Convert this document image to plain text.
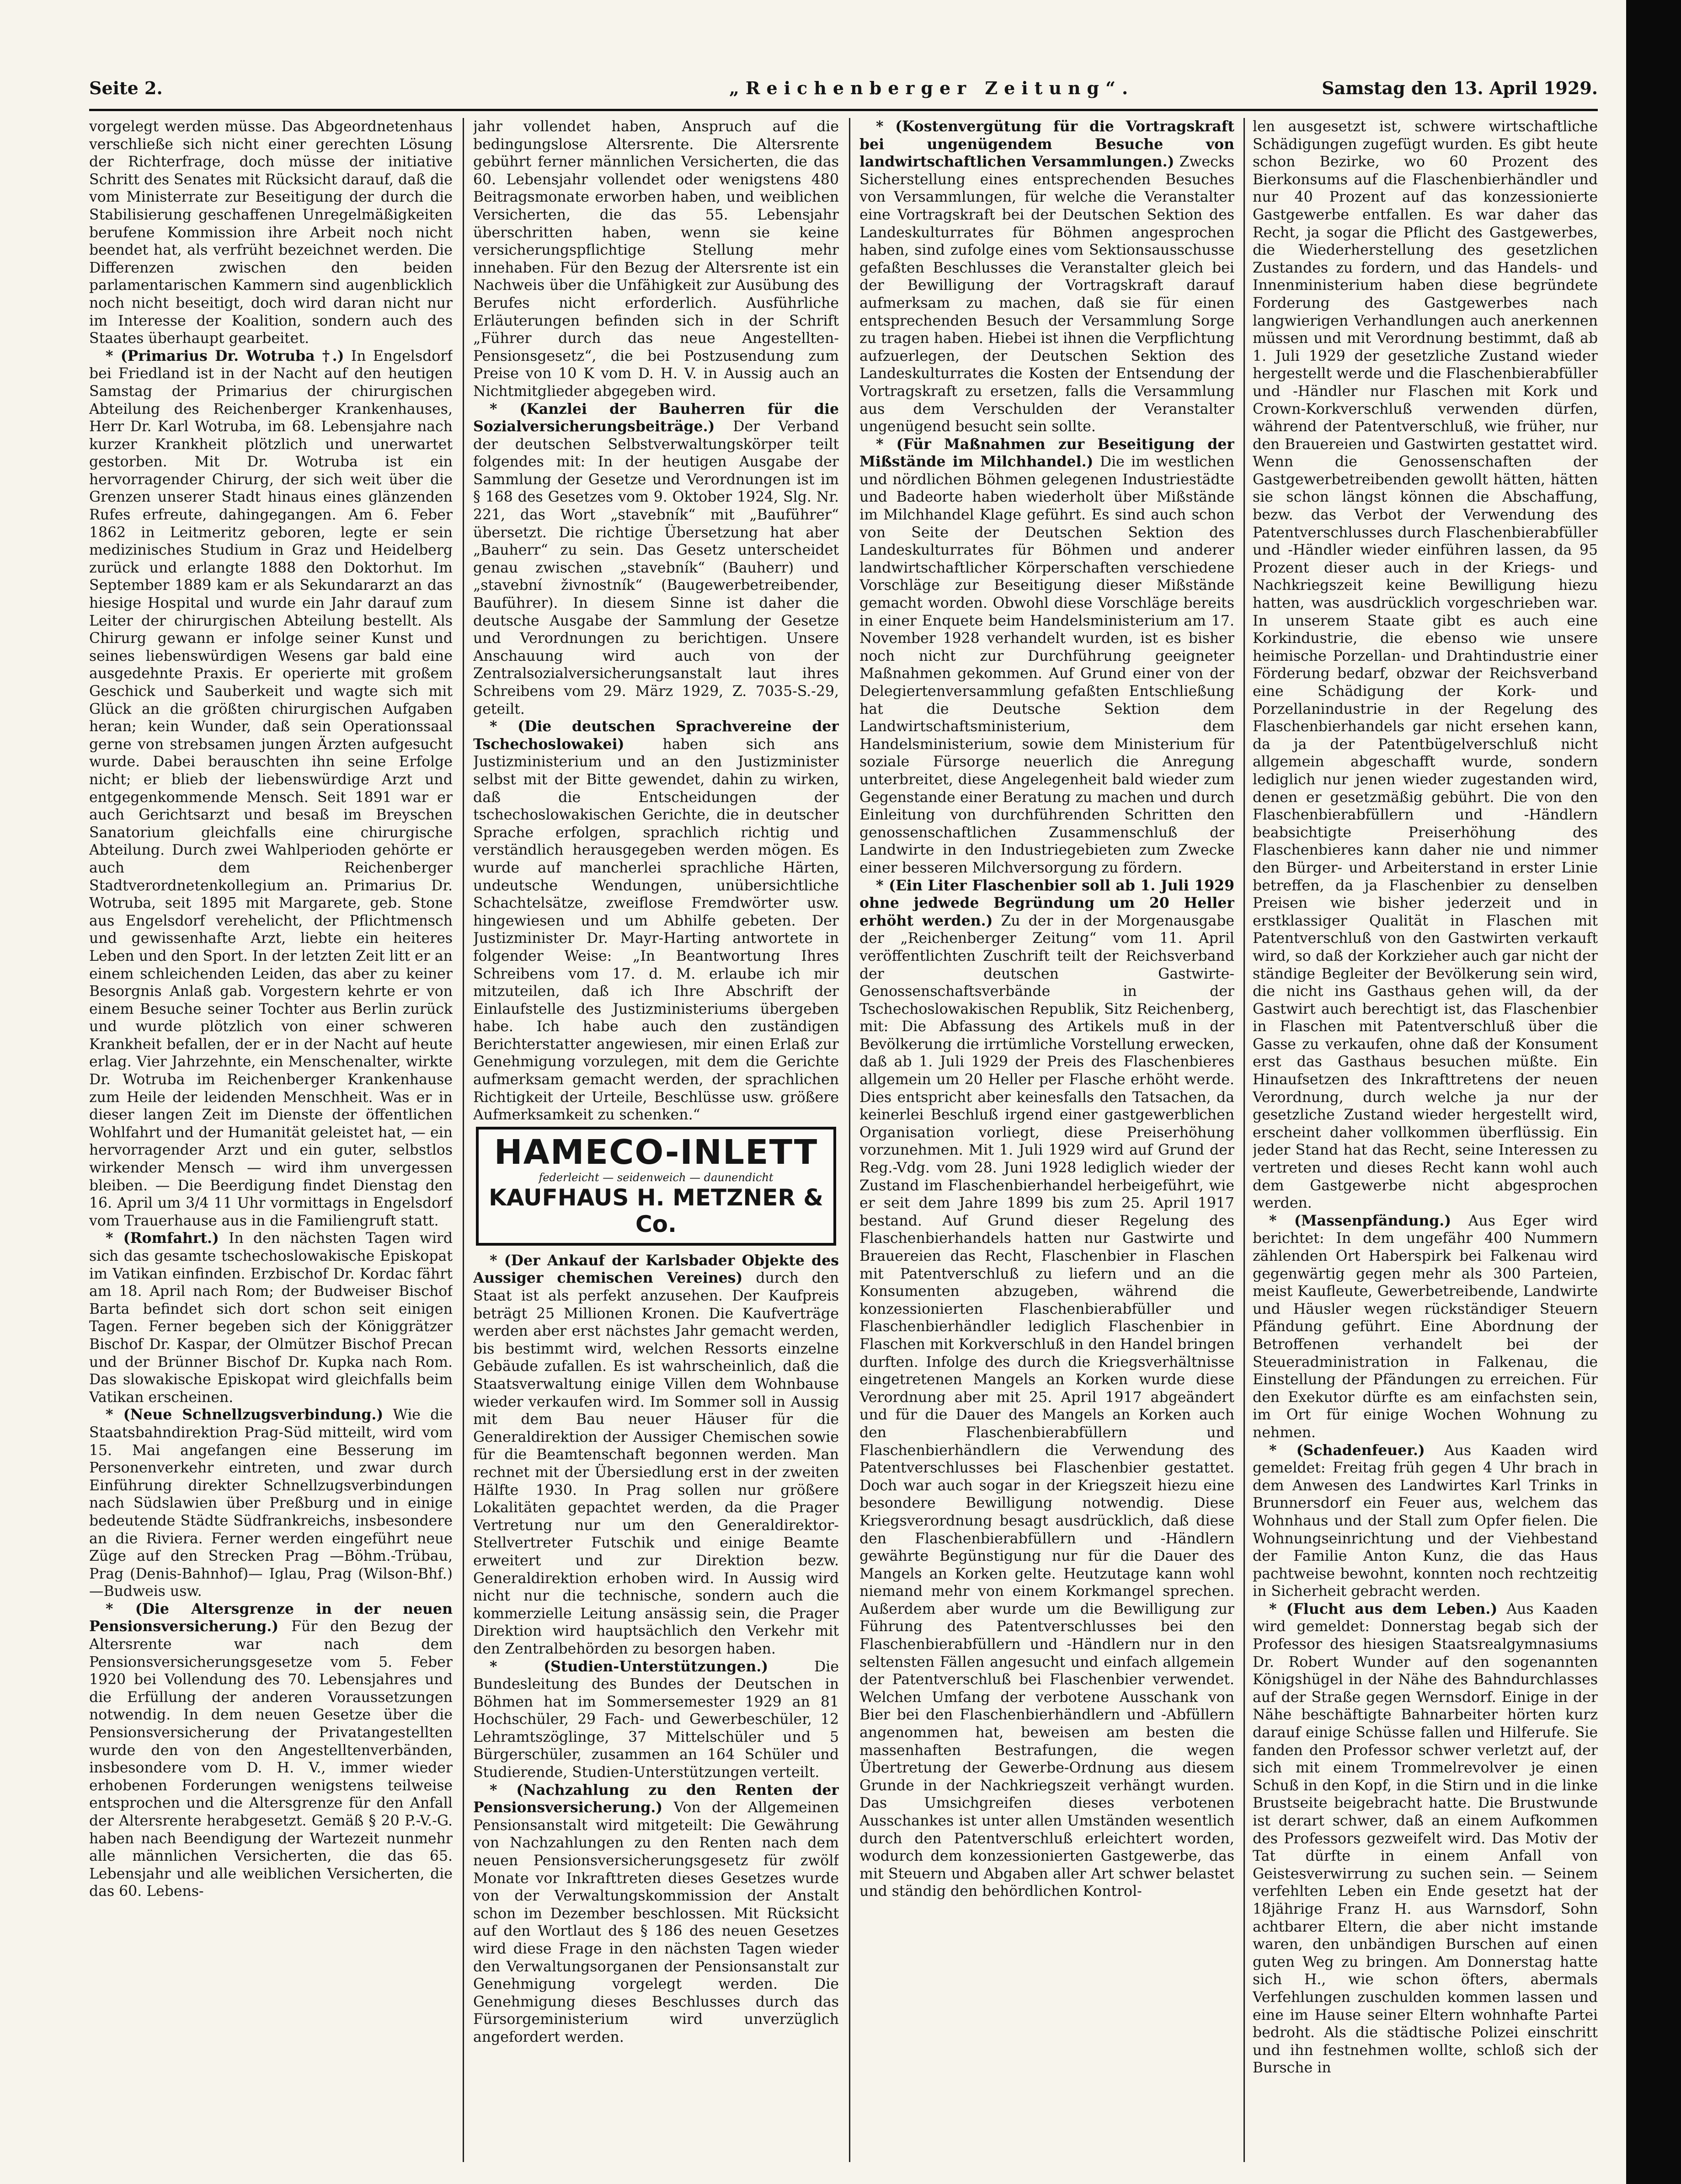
Seite 2.	„Reichenberger Zeitung“.	Samstag den 13. April 1929.

vorgelegt werden müsse. Das Abgeordnetenhaus verschließe sich nicht einer gerechten Lösung der Richterfrage, doch müsse der initiative Schritt des Senates mit Rücksicht darauf, daß die vom Ministerrate zur Beseitigung der durch die Stabilisierung geschaffenen Unregelmäßigkeiten berufene Kommission ihre Arbeit noch nicht beendet hat, als verfrüht bezeichnet werden. Die Differenzen zwischen den beiden parlamentarischen Kammern sind augenblicklich noch nicht beseitigt, doch wird daran nicht nur im Interesse der Koalition, sondern auch des Staates überhaupt gearbeitet.

* (Primarius Dr. Wotruba †.) In Engelsdorf bei Friedland ist in der Nacht auf den heutigen Samstag der Primarius der chirurgischen Abteilung des Reichenberger Krankenhauses, Herr Dr. Karl Wotruba, im 68. Lebensjahre nach kurzer Krankheit plötzlich und unerwartet gestorben. Mit Dr. Wotruba ist ein hervorragender Chirurg, der sich weit über die Grenzen unserer Stadt hinaus eines glänzenden Rufes erfreute, dahingegangen. Am 6. Feber 1862 in Leitmeritz geboren, legte er sein medizinisches Studium in Graz und Heidelberg zurück und erlangte 1888 den Doktorhut. Im September 1889 kam er als Sekundararzt an das hiesige Hospital und wurde ein Jahr darauf zum Leiter der chirurgischen Abteilung bestellt. Als Chirurg gewann er infolge seiner Kunst und seines liebenswürdigen Wesens gar bald eine ausgedehnte Praxis. Er operierte mit großem Geschick und Sauberkeit und wagte sich mit Glück an die größten chirurgischen Aufgaben heran; kein Wunder, daß sein Operationssaal gerne von strebsamen jungen Ärzten aufgesucht wurde. Dabei berauschten ihn seine Erfolge nicht; er blieb der liebenswürdige Arzt und entgegenkommende Mensch. Seit 1891 war er auch Gerichtsarzt und besaß im Breyschen Sanatorium gleichfalls eine chirurgische Abteilung. Durch zwei Wahlperioden gehörte er auch dem Reichenberger Stadtverordnetenkollegium an. Primarius Dr. Wotruba, seit 1895 mit Margarete, geb. Stone aus Engelsdorf verehelicht, der Pflichtmensch und gewissenhafte Arzt, liebte ein heiteres Leben und den Sport. In der letzten Zeit litt er an einem schleichenden Leiden, das aber zu keiner Besorgnis Anlaß gab. Vorgestern kehrte er von einem Besuche seiner Tochter aus Berlin zurück und wurde plötzlich von einer schweren Krankheit befallen, der er in der Nacht auf heute erlag. Vier Jahrzehnte, ein Menschenalter, wirkte Dr. Wotruba im Reichenberger Krankenhause zum Heile der leidenden Menschheit. Was er in dieser langen Zeit im Dienste der öffentlichen Wohlfahrt und der Humanität geleistet hat, — ein hervorragender Arzt und ein guter, selbstlos wirkender Mensch — wird ihm unvergessen bleiben. — Die Beerdigung findet Dienstag den 16. April um 3/4 11 Uhr vormittags in Engelsdorf vom Trauerhause aus in die Familiengruft statt.

* (Romfahrt.) In den nächsten Tagen wird sich das gesamte tschechoslowakische Episkopat im Vatikan einfinden. Erzbischof Dr. Kordac fährt am 18. April nach Rom; der Budweiser Bischof Barta befindet sich dort schon seit einigen Tagen. Ferner begeben sich der Königgrätzer Bischof Dr. Kaspar, der Olmützer Bischof Precan und der Brünner Bischof Dr. Kupka nach Rom. Das slowakische Episkopat wird gleichfalls beim Vatikan erscheinen.

* (Neue Schnellzugsverbindung.) Wie die Staatsbahndirektion Prag-Süd mitteilt, wird vom 15. Mai angefangen eine Besserung im Personenverkehr eintreten, und zwar durch Einführung direkter Schnellzugsverbindungen nach Südslawien über Preßburg und in einige bedeutende Städte Südfrankreichs, insbesondere an die Riviera. Ferner werden eingeführt neue Züge auf den Strecken Prag —Böhm.-Trübau, Prag (Denis-Bahnhof)— Iglau, Prag (Wilson-Bhf.)—Budweis usw.

* (Die Altersgrenze in der neuen Pensionsversicherung.) Für den Bezug der Altersrente war nach dem Pensionsversicherungsgesetze vom 5. Feber 1920 bei Vollendung des 70. Lebensjahres und die Erfüllung der anderen Voraussetzungen notwendig. In dem neuen Gesetze über die Pensionsversicherung der Privatangestellten wurde den von den Angestelltenverbänden, insbesondere vom D. H. V., immer wieder erhobenen Forderungen wenigstens teilweise entsprochen und die Altersgrenze für den Anfall der Altersrente herabgesetzt. Gemäß § 20 P.-V.-G. haben nach Beendigung der Wartezeit nunmehr alle männlichen Versicherten, die das 65. Lebensjahr und alle weiblichen Versicherten, die das 60. Lebens-

jahr vollendet haben, Anspruch auf die bedingungslose Altersrente. Die Altersrente gebührt ferner männlichen Versicherten, die das 60. Lebensjahr vollendet oder wenigstens 480 Beitragsmonate erworben haben, und weiblichen Versicherten, die das 55. Lebensjahr überschritten haben, wenn sie keine versicherungspflichtige Stellung mehr innehaben. Für den Bezug der Altersrente ist ein Nachweis über die Unfähigkeit zur Ausübung des Berufes nicht erforderlich. Ausführliche Erläuterungen befinden sich in der Schrift „Führer durch das neue Angestellten-Pensionsgesetz“, die bei Postzusendung zum Preise von 10 K vom D. H. V. in Aussig auch an Nichtmitglieder abgegeben wird.

* (Kanzlei der Bauherren für die Sozialversicherungsbeiträge.) Der Verband der deutschen Selbstverwaltungskörper teilt folgendes mit: In der heutigen Ausgabe der Sammlung der Gesetze und Verordnungen ist im § 168 des Gesetzes vom 9. Oktober 1924, Slg. Nr. 221, das Wort „stavebník“ mit „Bauführer“ übersetzt. Die richtige Übersetzung hat aber „Bauherr“ zu sein. Das Gesetz unterscheidet genau zwischen „stavebník“ (Bauherr) und „stavební živnostník“ (Baugewerbetreibender, Bauführer). In diesem Sinne ist daher die deutsche Ausgabe der Sammlung der Gesetze und Verordnungen zu berichtigen. Unsere Anschauung wird auch von der Zentralsozialversicherungsanstalt laut ihres Schreibens vom 29. März 1929, Z. 7035-S.-29, geteilt.

* (Die deutschen Sprachvereine der Tschechoslowakei) haben sich ans Justizministerium und an den Justizminister selbst mit der Bitte gewendet, dahin zu wirken, daß die Entscheidungen der tschechoslowakischen Gerichte, die in deutscher Sprache erfolgen, sprachlich richtig und verständlich herausgegeben werden mögen. Es wurde auf mancherlei sprachliche Härten, undeutsche Wendungen, unübersichtliche Schachtelsätze, zweiflose Fremdwörter usw. hingewiesen und um Abhilfe gebeten. Der Justizminister Dr. Mayr-Harting antwortete in folgender Weise: „In Beantwortung Ihres Schreibens vom 17. d. M. erlaube ich mir mitzuteilen, daß ich Ihre Abschrift der Einlaufstelle des Justizministeriums übergeben habe. Ich habe auch den zuständigen Berichterstatter angewiesen, mir einen Erlaß zur Genehmigung vorzulegen, mit dem die Gerichte aufmerksam gemacht werden, der sprachlichen Richtigkeit der Urteile, Beschlüsse usw. größere Aufmerksamkeit zu schenken.“

HAMECO-INLETT
federleicht — seidenweich — daunendicht
KAUFHAUS H. METZNER & Co.

* (Der Ankauf der Karlsbader Objekte des Aussiger chemischen Vereines) durch den Staat ist als perfekt anzusehen. Der Kaufpreis beträgt 25 Millionen Kronen. Die Kaufverträge werden aber erst nächstes Jahr gemacht werden, bis bestimmt wird, welchen Ressorts einzelne Gebäude zufallen. Es ist wahrscheinlich, daß die Staatsverwaltung einige Villen dem Wohnbause wieder verkaufen wird. Im Sommer soll in Aussig mit dem Bau neuer Häuser für die Generaldirektion der Aussiger Chemischen sowie für die Beamtenschaft begonnen werden. Man rechnet mit der Übersiedlung erst in der zweiten Hälfte 1930. In Prag sollen nur größere Lokalitäten gepachtet werden, da die Prager Vertretung nur um den Generaldirektor-Stellvertreter Futschik und einige Beamte erweitert und zur Direktion bezw. Generaldirektion erhoben wird. In Aussig wird nicht nur die technische, sondern auch die kommerzielle Leitung ansässig sein, die Prager Direktion wird hauptsächlich den Verkehr mit den Zentralbehörden zu besorgen haben.

* (Studien-Unterstützungen.) Die Bundesleitung des Bundes der Deutschen in Böhmen hat im Sommersemester 1929 an 81 Hochschüler, 29 Fach- und Gewerbeschüler, 12 Lehramtszöglinge, 37 Mittelschüler und 5 Bürgerschüler, zusammen an 164 Schüler und Studierende, Studien-Unterstützungen verteilt.

* (Nachzahlung zu den Renten der Pensionsversicherung.) Von der Allgemeinen Pensionsanstalt wird mitgeteilt: Die Gewährung von Nachzahlungen zu den Renten nach dem neuen Pensionsversicherungsgesetz für zwölf Monate vor Inkrafttreten dieses Gesetzes wurde von der Verwaltungskommission der Anstalt schon im Dezember beschlossen. Mit Rücksicht auf den Wortlaut des § 186 des neuen Gesetzes wird diese Frage in den nächsten Tagen wieder den Verwaltungsorganen der Pensionsanstalt zur Genehmigung vorgelegt werden. Die Genehmigung dieses Beschlusses durch das Fürsorgeministerium wird unverzüglich angefordert werden.

* (Kostenvergütung für die Vortragskraft bei ungenügendem Besuche von landwirtschaftlichen Versammlungen.) Zwecks Sicherstellung eines entsprechenden Besuches von Versammlungen, für welche die Veranstalter eine Vortragskraft bei der Deutschen Sektion des Landeskulturrates für Böhmen angesprochen haben, sind zufolge eines vom Sektionsausschusse gefaßten Beschlusses die Veranstalter gleich bei der Bewilligung der Vortragskraft darauf aufmerksam zu machen, daß sie für einen entsprechenden Besuch der Versammlung Sorge zu tragen haben. Hiebei ist ihnen die Verpflichtung aufzuerlegen, der Deutschen Sektion des Landeskulturrates die Kosten der Entsendung der Vortragskraft zu ersetzen, falls die Versammlung aus dem Verschulden der Veranstalter ungenügend besucht sein sollte.

* (Für Maßnahmen zur Beseitigung der Mißstände im Milchhandel.) Die im westlichen und nördlichen Böhmen gelegenen Industriestädte und Badeorte haben wiederholt über Mißstände im Milchhandel Klage geführt. Es sind auch schon von Seite der Deutschen Sektion des Landeskulturrates für Böhmen und anderer landwirtschaftlicher Körperschaften verschiedene Vorschläge zur Beseitigung dieser Mißstände gemacht worden. Obwohl diese Vorschläge bereits in einer Enquete beim Handelsministerium am 17. November 1928 verhandelt wurden, ist es bisher noch nicht zur Durchführung geeigneter Maßnahmen gekommen. Auf Grund einer von der Delegiertenversammlung gefaßten Entschließung hat die Deutsche Sektion dem Landwirtschaftsministerium, dem Handelsministerium, sowie dem Ministerium für soziale Fürsorge neuerlich die Anregung unterbreitet, diese Angelegenheit bald wieder zum Gegenstande einer Beratung zu machen und durch Einleitung von durchführenden Schritten den genossenschaftlichen Zusammenschluß der Landwirte in den Industriegebieten zum Zwecke einer besseren Milchversorgung zu fördern.

* (Ein Liter Flaschenbier soll ab 1. Juli 1929 ohne jedwede Begründung um 20 Heller erhöht werden.) Zu der in der Morgenausgabe der „Reichenberger Zeitung“ vom 11. April veröffentlichten Zuschrift teilt der Reichsverband der deutschen Gastwirte-Genossenschaftsverbände in der Tschechoslowakischen Republik, Sitz Reichenberg, mit: Die Abfassung des Artikels muß in der Bevölkerung die irrtümliche Vorstellung erwecken, daß ab 1. Juli 1929 der Preis des Flaschenbieres allgemein um 20 Heller per Flasche erhöht werde. Dies entspricht aber keinesfalls den Tatsachen, da keinerlei Beschluß irgend einer gastgewerblichen Organisation vorliegt, diese Preiserhöhung vorzunehmen. Mit 1. Juli 1929 wird auf Grund der Reg.-Vdg. vom 28. Juni 1928 lediglich wieder der Zustand im Flaschenbierhandel herbeigeführt, wie er seit dem Jahre 1899 bis zum 25. April 1917 bestand. Auf Grund dieser Regelung des Flaschenbierhandels hatten nur Gastwirte und Brauereien das Recht, Flaschenbier in Flaschen mit Patentverschluß zu liefern und an die Konsumenten abzugeben, während die konzessionierten Flaschenbierabfüller und Flaschenbierhändler lediglich Flaschenbier in Flaschen mit Korkverschluß in den Handel bringen durften. Infolge des durch die Kriegsverhältnisse eingetretenen Mangels an Korken wurde diese Verordnung aber mit 25. April 1917 abgeändert und für die Dauer des Mangels an Korken auch den Flaschenbierabfüllern und Flaschenbierhändlern die Verwendung des Patentverschlusses bei Flaschenbier gestattet. Doch war auch sogar in der Kriegszeit hiezu eine besondere Bewilligung notwendig. Diese Kriegsverordnung besagt ausdrücklich, daß diese den Flaschenbierabfüllern und -Händlern gewährte Begünstigung nur für die Dauer des Mangels an Korken gelte. Heutzutage kann wohl niemand mehr von einem Korkmangel sprechen. Außerdem aber wurde um die Bewilligung zur Führung des Patentverschlusses bei den Flaschenbierabfüllern und -Händlern nur in den seltensten Fällen angesucht und einfach allgemein der Patentverschluß bei Flaschenbier verwendet. Welchen Umfang der verbotene Ausschank von Bier bei den Flaschenbierhändlern und -Abfüllern angenommen hat, beweisen am besten die massenhaften Bestrafungen, die wegen Übertretung der Gewerbe-Ordnung aus diesem Grunde in der Nachkriegszeit verhängt wurden. Das Umsichgreifen dieses verbotenen Ausschankes ist unter allen Umständen wesentlich durch den Patentverschluß erleichtert worden, wodurch dem konzessionierten Gastgewerbe, das mit Steuern und Abgaben aller Art schwer belastet und ständig den behördlichen Kontrol-

len ausgesetzt ist, schwere wirtschaftliche Schädigungen zugefügt wurden. Es gibt heute schon Bezirke, wo 60 Prozent des Bierkonsums auf die Flaschenbierhändler und nur 40 Prozent auf das konzessionierte Gastgewerbe entfallen. Es war daher das Recht, ja sogar die Pflicht des Gastgewerbes, die Wiederherstellung des gesetzlichen Zustandes zu fordern, und das Handels- und Innenministerium haben diese begründete Forderung des Gastgewerbes nach langwierigen Verhandlungen auch anerkennen müssen und mit Verordnung bestimmt, daß ab 1. Juli 1929 der gesetzliche Zustand wieder hergestellt werde und die Flaschenbierabfüller und -Händler nur Flaschen mit Kork und Crown-Korkverschluß verwenden dürfen, während der Patentverschluß, wie früher, nur den Brauereien und Gastwirten gestattet wird. Wenn die Genossenschaften der Gastgewerbetreibenden gewollt hätten, hätten sie schon längst können die Abschaffung, bezw. das Verbot der Verwendung des Patentverschlusses durch Flaschenbierabfüller und -Händler wieder einführen lassen, da 95 Prozent dieser auch in der Kriegs- und Nachkriegszeit keine Bewilligung hiezu hatten, was ausdrücklich vorgeschrieben war. In unserem Staate gibt es auch eine Korkindustrie, die ebenso wie unsere heimische Porzellan- und Drahtindustrie einer Förderung bedarf, obzwar der Reichsverband eine Schädigung der Kork- und Porzellanindustrie in der Regelung des Flaschenbierhandels gar nicht ersehen kann, da ja der Patentbügelverschluß nicht allgemein abgeschafft wurde, sondern lediglich nur jenen wieder zugestanden wird, denen er gesetzmäßig gebührt. Die von den Flaschenbierabfüllern und -Händlern beabsichtigte Preiserhöhung des Flaschenbieres kann daher nie und nimmer den Bürger- und Arbeiterstand in erster Linie betreffen, da ja Flaschenbier zu denselben Preisen wie bisher jederzeit und in erstklassiger Qualität in Flaschen mit Patentverschluß von den Gastwirten verkauft wird, so daß der Korkzieher auch gar nicht der ständige Begleiter der Bevölkerung sein wird, die nicht ins Gasthaus gehen will, da der Gastwirt auch berechtigt ist, das Flaschenbier in Flaschen mit Patentverschluß über die Gasse zu verkaufen, ohne daß der Konsument erst das Gasthaus besuchen müßte. Ein Hinaufsetzen des Inkrafttretens der neuen Verordnung, durch welche ja nur der gesetzliche Zustand wieder hergestellt wird, erscheint daher vollkommen überflüssig. Ein jeder Stand hat das Recht, seine Interessen zu vertreten und dieses Recht kann wohl auch dem Gastgewerbe nicht abgesprochen werden.

* (Massenpfändung.) Aus Eger wird berichtet: In dem ungefähr 400 Nummern zählenden Ort Haberspirk bei Falkenau wird gegenwärtig gegen mehr als 300 Parteien, meist Kaufleute, Gewerbetreibende, Landwirte und Häusler wegen rückständiger Steuern Pfändung geführt. Eine Abordnung der Betroffenen verhandelt bei der Steueradministration in Falkenau, die Einstellung der Pfändungen zu erreichen. Für den Exekutor dürfte es am einfachsten sein, im Ort für einige Wochen Wohnung zu nehmen.

* (Schadenfeuer.) Aus Kaaden wird gemeldet: Freitag früh gegen 4 Uhr brach in dem Anwesen des Landwirtes Karl Trinks in Brunnersdorf ein Feuer aus, welchem das Wohnhaus und der Stall zum Opfer fielen. Die Wohnungseinrichtung und der Viehbestand der Familie Anton Kunz, die das Haus pachtweise bewohnt, konnten noch rechtzeitig in Sicherheit gebracht werden.

* (Flucht aus dem Leben.) Aus Kaaden wird gemeldet: Donnerstag begab sich der Professor des hiesigen Staatsrealgymnasiums Dr. Robert Wunder auf den sogenannten Königshügel in der Nähe des Bahndurchlasses auf der Straße gegen Wernsdorf. Einige in der Nähe beschäftigte Bahnarbeiter hörten kurz darauf einige Schüsse fallen und Hilferufe. Sie fanden den Professor schwer verletzt auf, der sich mit einem Trommelrevolver je einen Schuß in den Kopf, in die Stirn und in die linke Brustseite beigebracht hatte. Die Brustwunde ist derart schwer, daß an einem Aufkommen des Professors gezweifelt wird. Das Motiv der Tat dürfte in einem Anfall von Geistesverwirrung zu suchen sein. — Seinem verfehlten Leben ein Ende gesetzt hat der 18jährige Franz H. aus Warnsdorf, Sohn achtbarer Eltern, die aber nicht imstande waren, den unbändigen Burschen auf einen guten Weg zu bringen. Am Donnerstag hatte sich H., wie schon öfters, abermals Verfehlungen zuschulden kommen lassen und eine im Hause seiner Eltern wohnhafte Partei bedroht. Als die städtische Polizei einschritt und ihn festnehmen wollte, schloß sich der Bursche in
